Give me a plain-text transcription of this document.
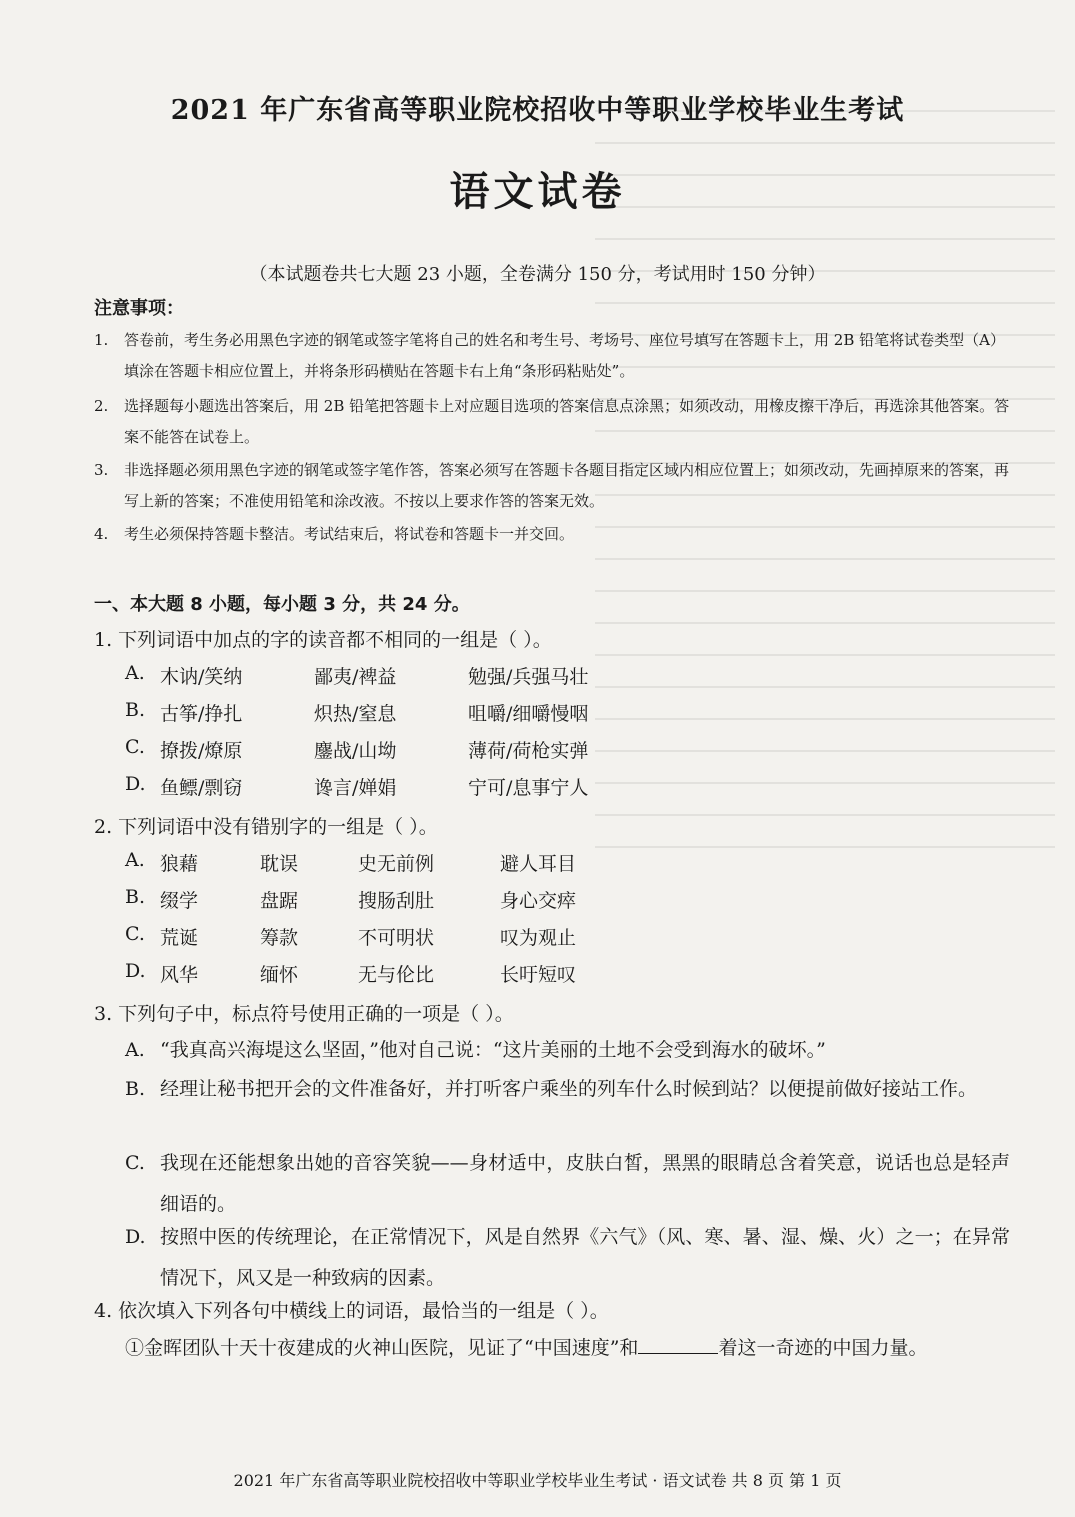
2021 年广东省高等职业院校招收中等职业学校毕业生考试
语文试卷
（本试题卷共七大题 23 小题，全卷满分 150 分，考试用时 150 分钟）
注意事项：
1. 答卷前，考生务必用黑色字迹的钢笔或签字笔将自己的姓名和考生号、考场号、座位号填写在答题卡上，用 2B 铅笔将试卷类型（A）填涂在答题卡相应位置上，并将条形码横贴在答题卡右上角“条形码粘贴处”。
2. 选择题每小题选出答案后，用 2B 铅笔把答题卡上对应题目选项的答案信息点涂黑；如须改动，用橡皮擦干净后，再选涂其他答案。答案不能答在试卷上。
3. 非选择题必须用黑色字迹的钢笔或签字笔作答，答案必须写在答题卡各题目指定区域内相应位置上；如须改动，先画掉原来的答案，再写上新的答案；不准使用铅笔和涂改液。不按以上要求作答的答案无效。
4. 考生必须保持答题卡整洁。考试结束后，将试卷和答题卡一并交回。
一、本大题 8 小题，每小题 3 分，共 24 分。
1. 下列词语中加点的字的读音都不相同的一组是（ ）。
A. 木讷/笑纳	鄙夷/裨益	勉强/兵强马壮
B. 古筝/挣扎	炽热/窒息	咀嚼/细嚼慢咽
C. 撩拨/燎原	鏖战/山坳	薄荷/荷枪实弹
D. 鱼鳔/剽窃	谗言/婵娟	宁可/息事宁人
2. 下列词语中没有错别字的一组是（ ）。
A. 狼藉	耽误	史无前例	避人耳目
B. 缀学	盘踞	搜肠刮肚	身心交瘁
C. 荒诞	筹款	不可明状	叹为观止
D. 风华	缅怀	无与伦比	长吁短叹
3. 下列句子中，标点符号使用正确的一项是（ ）。
A. “我真高兴海堤这么坚固，”他对自己说：“这片美丽的土地不会受到海水的破坏。”
B. 经理让秘书把开会的文件准备好，并打听客户乘坐的列车什么时候到站？以便提前做好接站工作。
C. 我现在还能想象出她的音容笑貌——身材适中，皮肤白皙，黑黑的眼睛总含着笑意，说话也总是轻声细语的。
D. 按照中医的传统理论，在正常情况下，风是自然界《六气》（风、寒、暑、湿、燥、火）之一；在异常情况下，风又是一种致病的因素。
4. 依次填入下列各句中横线上的词语，最恰当的一组是（ ）。
①金晖团队十天十夜建成的火神山医院，见证了“中国速度”和	着这一奇迹的中国力量。
2021 年广东省高等职业院校招收中等职业学校毕业生考试 · 语文试卷 共 8 页 第 1 页
